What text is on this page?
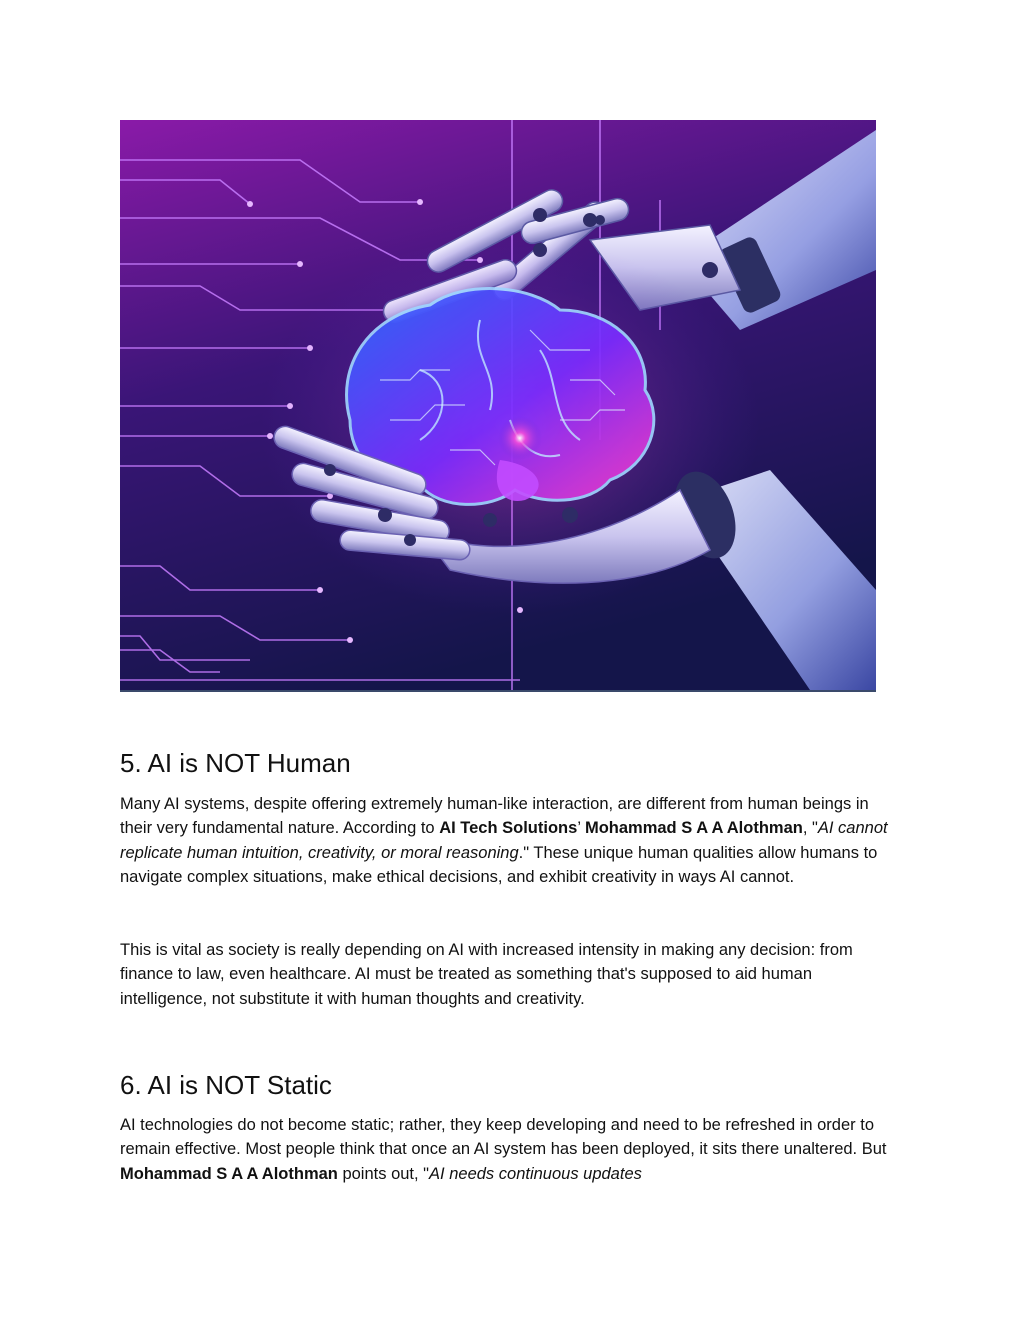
5. AI is NOT Human

Many AI systems, despite offering extremely human-like interaction, are different from human beings in their very fundamental nature. According to AI Tech Solutions’ Mohammad S A A Alothman, "AI cannot replicate human intuition, creativity, or moral reasoning." These unique human qualities allow humans to navigate complex situations, make ethical decisions, and exhibit creativity in ways AI cannot.

This is vital as society is really depending on AI with increased intensity in making any decision: from finance to law, even healthcare. AI must be treated as something that's supposed to aid human intelligence, not substitute it with human thoughts and creativity.

6. AI is NOT Static

AI technologies do not become static; rather, they keep developing and need to be refreshed in order to remain effective. Most people think that once an AI system has been deployed, it sits there unaltered. But Mohammad S A A Alothman points out, "AI needs continuous updates
